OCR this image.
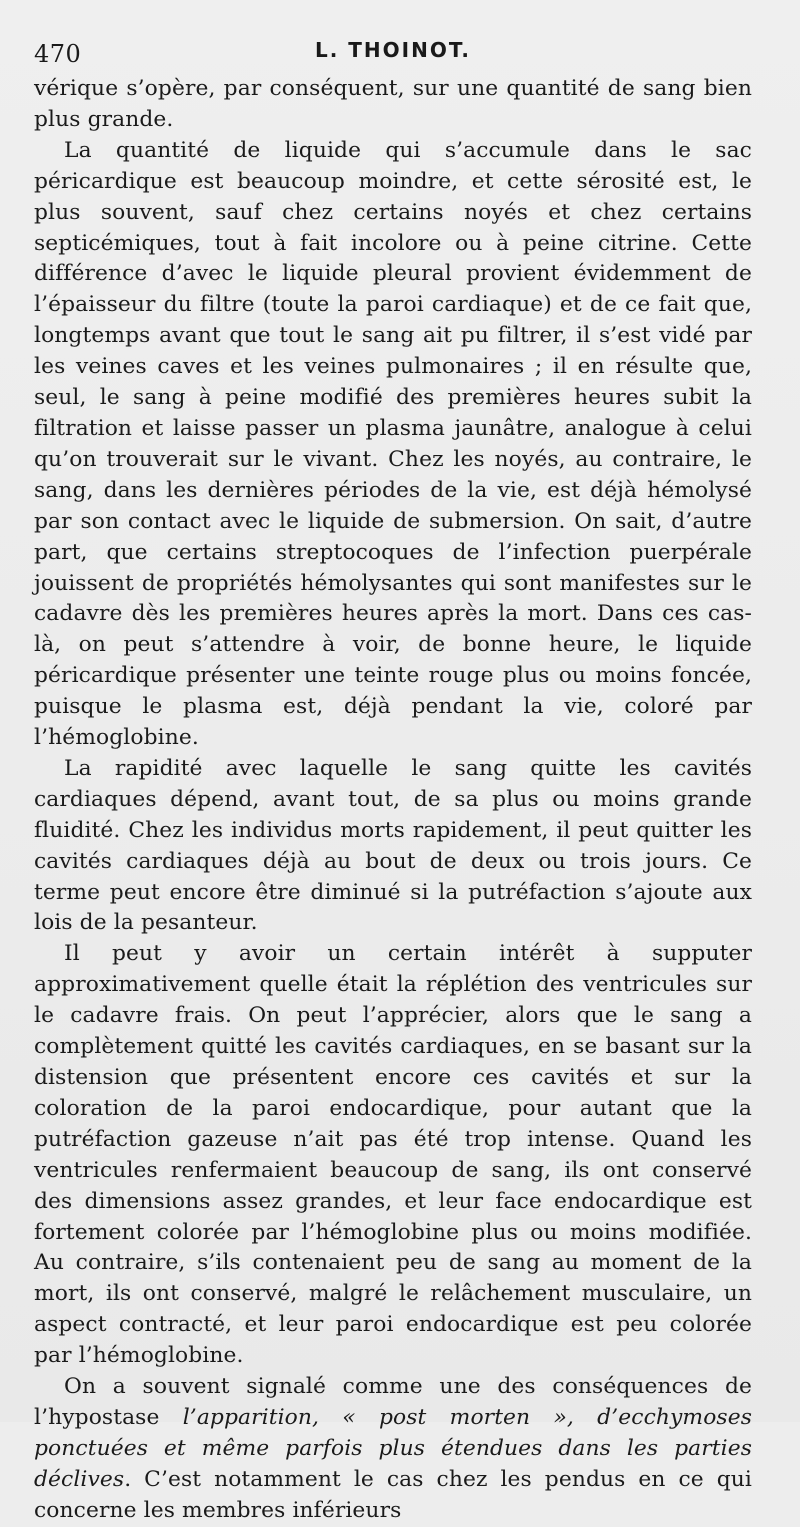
470	L. THOINOT.

vérique s’opère, par conséquent, sur une quantité de sang bien plus grande.

La quantité de liquide qui s’accumule dans le sac péricardique est beaucoup moindre, et cette sérosité est, le plus souvent, sauf chez certains noyés et chez certains septicémiques, tout à fait incolore ou à peine citrine. Cette différence d’avec le liquide pleural provient évidemment de l’épaisseur du filtre (toute la paroi cardiaque) et de ce fait que, longtemps avant que tout le sang ait pu filtrer, il s’est vidé par les veines caves et les veines pulmonaires ; il en résulte que, seul, le sang à peine modifié des premières heures subit la filtration et laisse passer un plasma jaunâtre, analogue à celui qu’on trouverait sur le vivant. Chez les noyés, au contraire, le sang, dans les dernières périodes de la vie, est déjà hémolysé par son contact avec le liquide de submersion. On sait, d’autre part, que certains streptocoques de l’infection puerpérale jouissent de propriétés hémolysantes qui sont manifestes sur le cadavre dès les premières heures après la mort. Dans ces cas-là, on peut s’attendre à voir, de bonne heure, le liquide péricardique présenter une teinte rouge plus ou moins foncée, puisque le plasma est, déjà pendant la vie, coloré par l’hémoglobine.

La rapidité avec laquelle le sang quitte les cavités cardiaques dépend, avant tout, de sa plus ou moins grande fluidité. Chez les individus morts rapidement, il peut quitter les cavités cardiaques déjà au bout de deux ou trois jours. Ce terme peut encore être diminué si la putréfaction s’ajoute aux lois de la pesanteur.

Il peut y avoir un certain intérêt à supputer approximativement quelle était la réplétion des ventricules sur le cadavre frais. On peut l’apprécier, alors que le sang a complètement quitté les cavités cardiaques, en se basant sur la distension que présentent encore ces cavités et sur la coloration de la paroi endocardique, pour autant que la putréfaction gazeuse n’ait pas été trop intense. Quand les ventricules renfermaient beaucoup de sang, ils ont conservé des dimensions assez grandes, et leur face endocardique est fortement colorée par l’hémoglobine plus ou moins modifiée. Au contraire, s’ils contenaient peu de sang au moment de la mort, ils ont conservé, malgré le relâchement musculaire, un aspect contracté, et leur paroi endocardique est peu colorée par l’hémoglobine.

On a souvent signalé comme une des conséquences de l’hypostase l’apparition, « post morten », d’ecchymoses ponctuées et même parfois plus étendues dans les parties déclives. C’est notamment le cas chez les pendus en ce qui concerne les membres inférieurs
